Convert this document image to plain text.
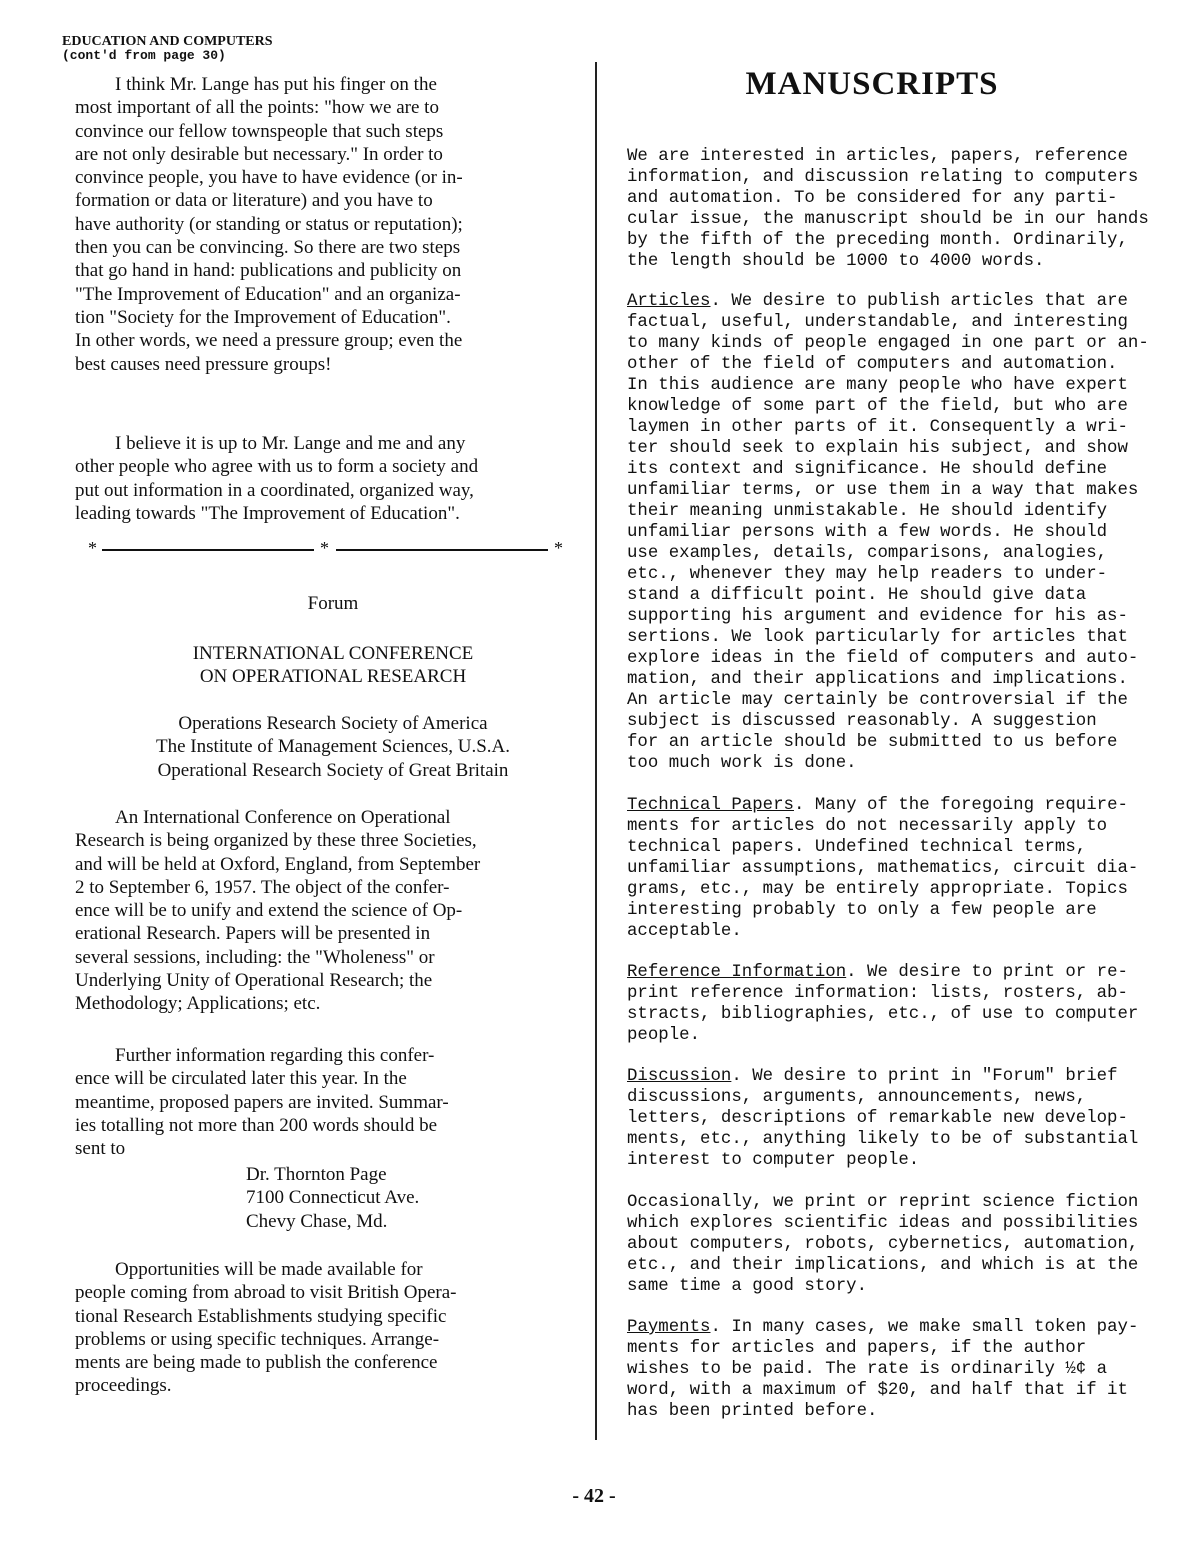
EDUCATION AND COMPUTERS
(cont'd from page 30)
I think Mr. Lange has put his finger on the
most important of all the points: "how we are to
convince our fellow townspeople that such steps
are not only desirable but necessary." In order to
convince people, you have to have evidence (or in-
formation or data or literature) and you have to
have authority (or standing or status or reputation);
then you can be convincing. So there are two steps
that go hand in hand: publications and publicity on
"The Improvement of Education" and an organiza-
tion "Society for the Improvement of Education".
In other words, we need a pressure group; even the
best causes need pressure groups!
I believe it is up to Mr. Lange and me and any
other people who agree with us to form a society and
put out information in a coordinated, organized way,
leading towards "The Improvement of Education".
*	*	*
Forum
INTERNATIONAL CONFERENCE
ON OPERATIONAL RESEARCH
Operations Research Society of America
The Institute of Management Sciences, U.S.A.
Operational Research Society of Great Britain
An International Conference on Operational
Research is being organized by these three Societies,
and will be held at Oxford, England, from September
2 to September 6, 1957. The object of the confer-
ence will be to unify and extend the science of Op-
erational Research. Papers will be presented in
several sessions, including: the "Wholeness" or
Underlying Unity of Operational Research; the
Methodology; Applications; etc.
Further information regarding this confer-
ence will be circulated later this year. In the
meantime, proposed papers are invited. Summar-
ies totalling not more than 200 words should be
sent to
Dr. Thornton Page
7100 Connecticut Ave.
Chevy Chase, Md.
Opportunities will be made available for
people coming from abroad to visit British Opera-
tional Research Establishments studying specific
problems or using specific techniques. Arrange-
ments are being made to publish the conference
proceedings.
MANUSCRIPTS
We are interested in articles, papers, reference
information, and discussion relating to computers
and automation. To be considered for any parti-
cular issue, the manuscript should be in our hands
by the fifth of the preceding month. Ordinarily,
the length should be 1000 to 4000 words.
Articles. We desire to publish articles that are
factual, useful, understandable, and interesting
to many kinds of people engaged in one part or an-
other of the field of computers and automation.
In this audience are many people who have expert
knowledge of some part of the field, but who are
laymen in other parts of it. Consequently a wri-
ter should seek to explain his subject, and show
its context and significance. He should define
unfamiliar terms, or use them in a way that makes
their meaning unmistakable. He should identify
unfamiliar persons with a few words. He should
use examples, details, comparisons, analogies,
etc., whenever they may help readers to under-
stand a difficult point. He should give data
supporting his argument and evidence for his as-
sertions. We look particularly for articles that
explore ideas in the field of computers and auto-
mation, and their applications and implications.
An article may certainly be controversial if the
subject is discussed reasonably. A suggestion
for an article should be submitted to us before
too much work is done.
Technical Papers. Many of the foregoing require-
ments for articles do not necessarily apply to
technical papers. Undefined technical terms,
unfamiliar assumptions, mathematics, circuit dia-
grams, etc., may be entirely appropriate. Topics
interesting probably to only a few people are
acceptable.
Reference Information. We desire to print or re-
print reference information: lists, rosters, ab-
stracts, bibliographies, etc., of use to computer
people.
Discussion. We desire to print in "Forum" brief
discussions, arguments, announcements, news,
letters, descriptions of remarkable new develop-
ments, etc., anything likely to be of substantial
interest to computer people.
Occasionally, we print or reprint science fiction
which explores scientific ideas and possibilities
about computers, robots, cybernetics, automation,
etc., and their implications, and which is at the
same time a good story.
Payments. In many cases, we make small token pay-
ments for articles and papers, if the author
wishes to be paid. The rate is ordinarily ½¢ a
word, with a maximum of $20, and half that if it
has been printed before.
- 42 -
